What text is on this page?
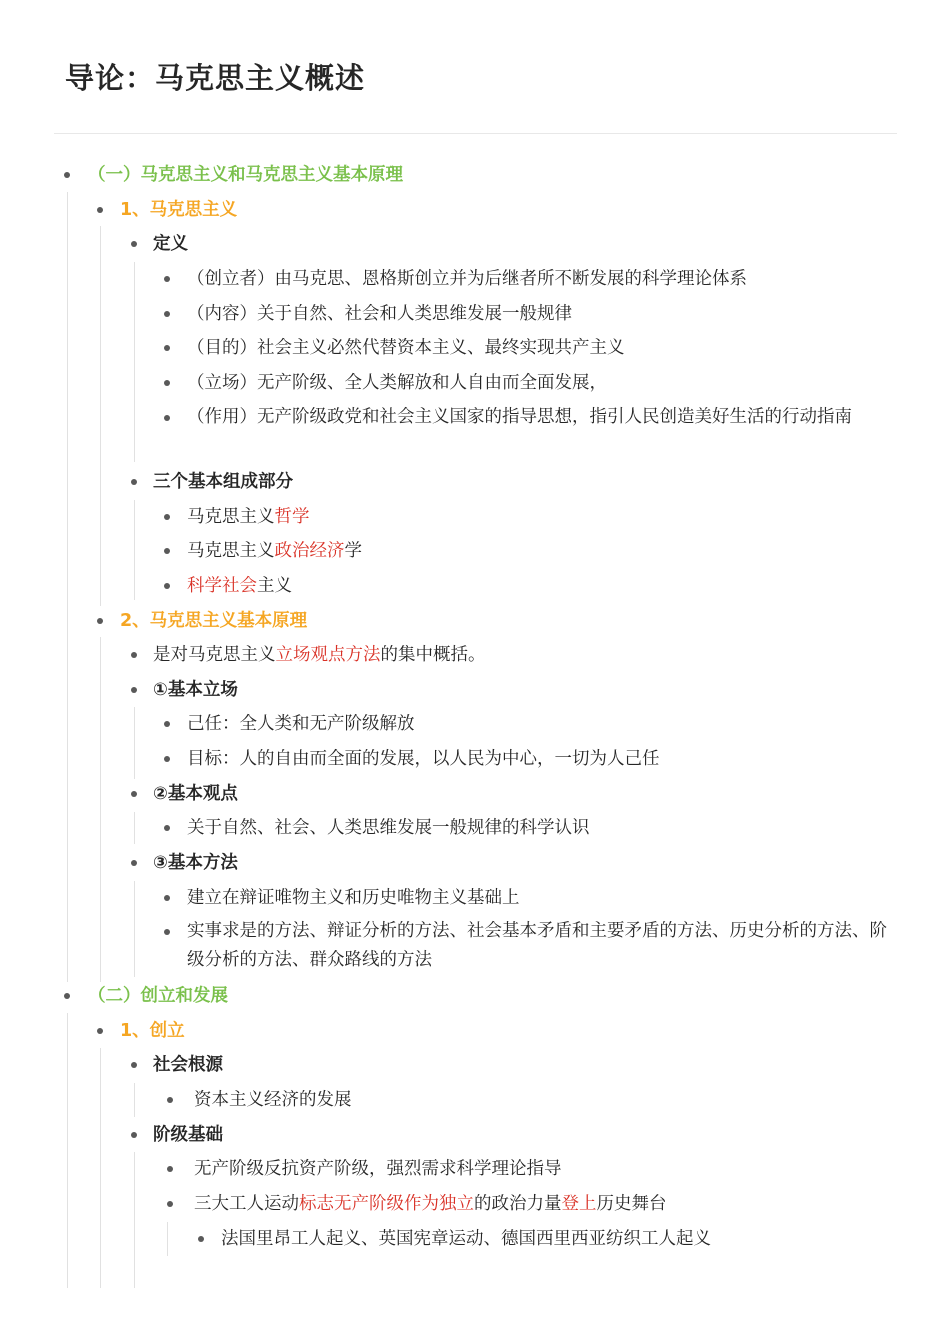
导论：马克思主义概述
（一）马克思主义和马克思主义基本原理
1、马克思主义
定义
（创立者）由马克思、恩格斯创立并为后继者所不断发展的科学理论体系
（内容）关于自然、社会和人类思维发展一般规律
（目的）社会主义必然代替资本主义、最终实现共产主义
（立场）无产阶级、全人类解放和人自由而全面发展，
（作用）无产阶级政党和社会主义国家的指导思想，指引人民创造美好生活的行动指南
三个基本组成部分
马克思主义哲学
马克思主义政治经济学
科学社会主义
2、马克思主义基本原理
是对马克思主义立场观点方法的集中概括。
①基本立场
己任：全人类和无产阶级解放
目标：人的自由而全面的发展，以人民为中心，一切为人己任
②基本观点
关于自然、社会、人类思维发展一般规律的科学认识
③基本方法
建立在辩证唯物主义和历史唯物主义基础上
实事求是的方法、辩证分析的方法、社会基本矛盾和主要矛盾的方法、历史分析的方法、阶级分析的方法、群众路线的方法
（二）创立和发展
1、创立
社会根源
资本主义经济的发展
阶级基础
无产阶级反抗资产阶级，强烈需求科学理论指导
三大工人运动标志无产阶级作为独立的政治力量登上历史舞台
法国里昂工人起义、英国宪章运动、德国西里西亚纺织工人起义
